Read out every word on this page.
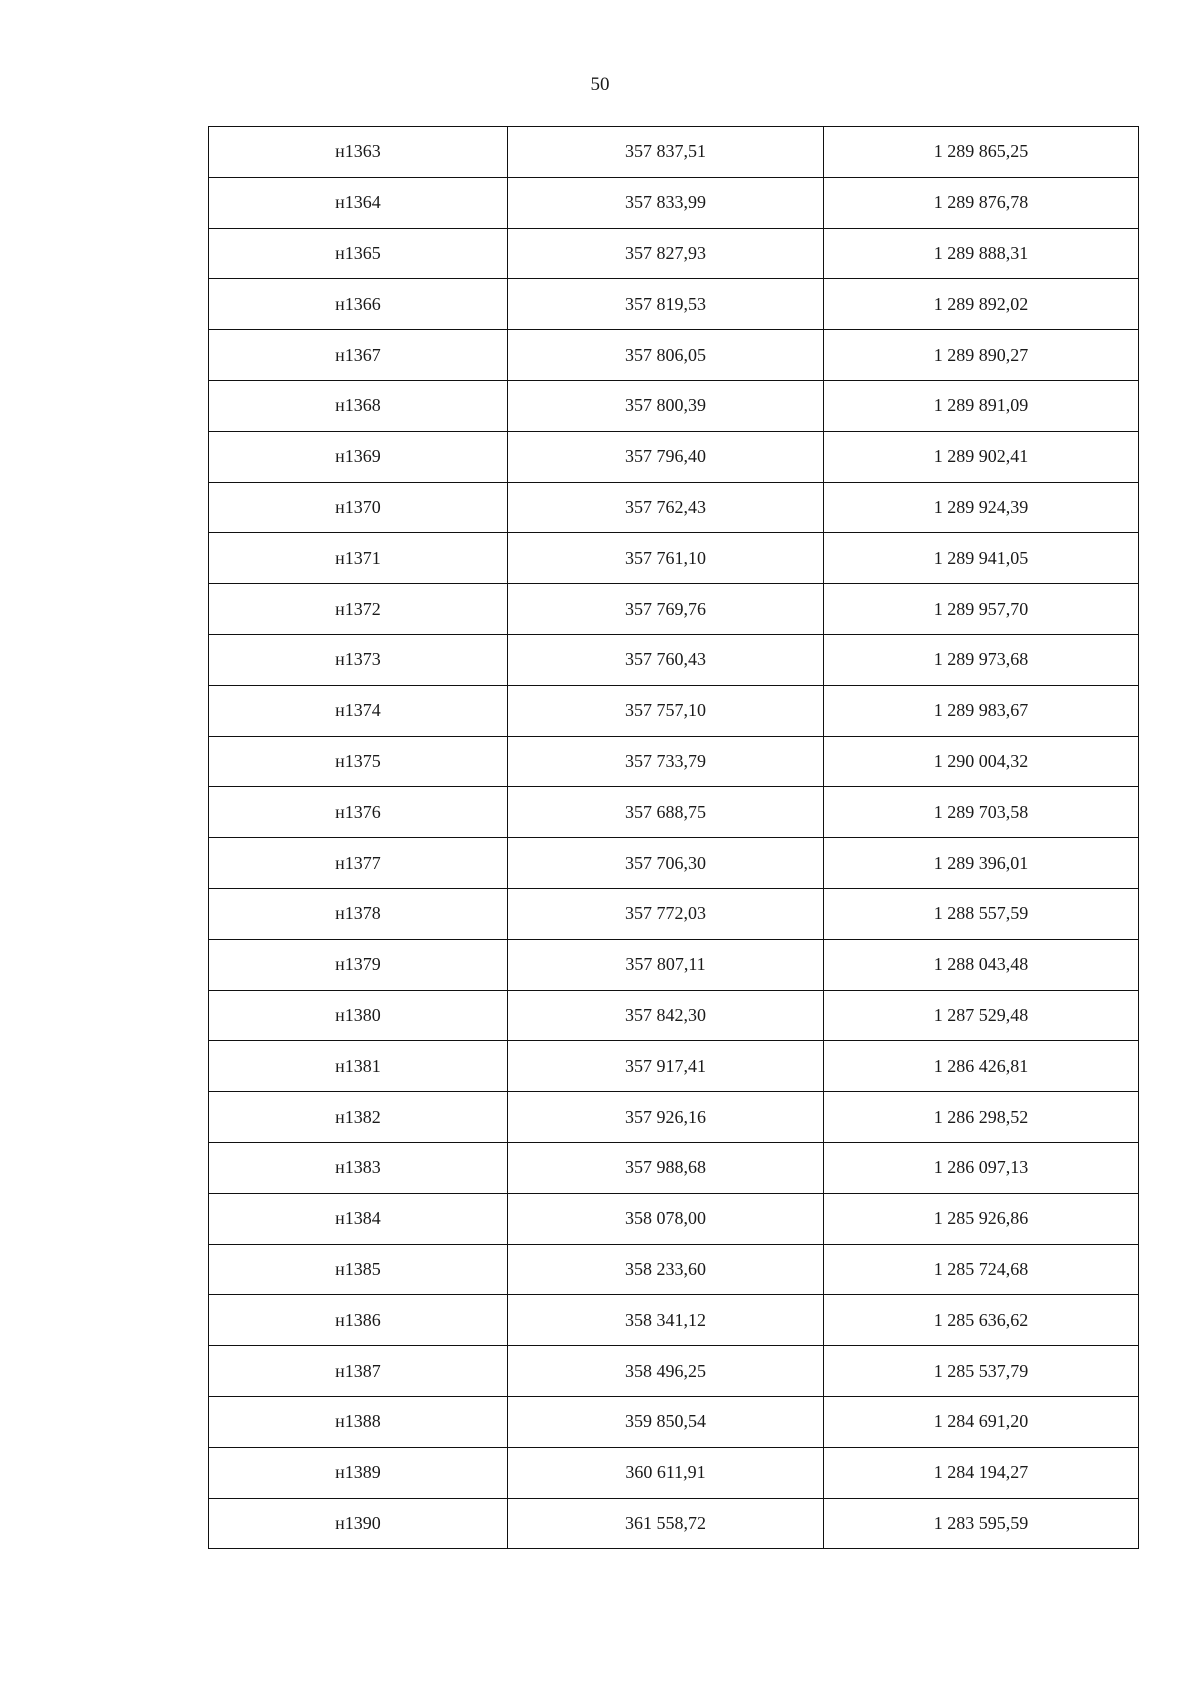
50
н1363	357 837,51	1 289 865,25
н1364	357 833,99	1 289 876,78
н1365	357 827,93	1 289 888,31
н1366	357 819,53	1 289 892,02
н1367	357 806,05	1 289 890,27
н1368	357 800,39	1 289 891,09
н1369	357 796,40	1 289 902,41
н1370	357 762,43	1 289 924,39
н1371	357 761,10	1 289 941,05
н1372	357 769,76	1 289 957,70
н1373	357 760,43	1 289 973,68
н1374	357 757,10	1 289 983,67
н1375	357 733,79	1 290 004,32
н1376	357 688,75	1 289 703,58
н1377	357 706,30	1 289 396,01
н1378	357 772,03	1 288 557,59
н1379	357 807,11	1 288 043,48
н1380	357 842,30	1 287 529,48
н1381	357 917,41	1 286 426,81
н1382	357 926,16	1 286 298,52
н1383	357 988,68	1 286 097,13
н1384	358 078,00	1 285 926,86
н1385	358 233,60	1 285 724,68
н1386	358 341,12	1 285 636,62
н1387	358 496,25	1 285 537,79
н1388	359 850,54	1 284 691,20
н1389	360 611,91	1 284 194,27
н1390	361 558,72	1 283 595,59
